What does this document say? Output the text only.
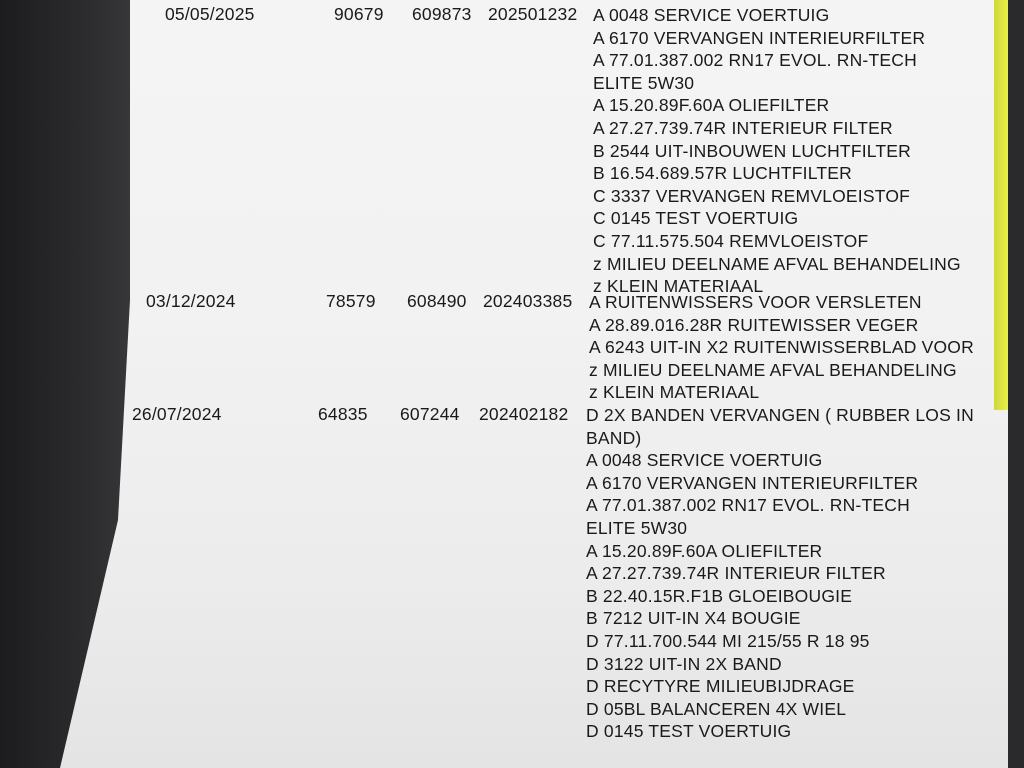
05/05/2025	90679 609873 202501232 A 0048 SERVICE VOERTUIG
A 6170 VERVANGEN INTERIEURFILTER
A 77.01.387.002 RN17 EVOL. RN-TECH
ELITE 5W30
A 15.20.89F.60A OLIEFILTER
A 27.27.739.74R INTERIEUR FILTER
B 2544 UIT-INBOUWEN LUCHTFILTER
B 16.54.689.57R LUCHTFILTER
C 3337 VERVANGEN REMVLOEISTOF
C 0145 TEST VOERTUIG
C 77.11.575.504 REMVLOEISTOF
z MILIEU DEELNAME AFVAL BEHANDELING
z KLEIN MATERIAAL
03/12/2024	78579 608490 202403385 A RUITENWISSERS VOOR VERSLETEN
A 28.89.016.28R RUITEWISSER VEGER
A 6243 UIT-IN X2 RUITENWISSERBLAD VOOR
z MILIEU DEELNAME AFVAL BEHANDELING
z KLEIN MATERIAAL
26/07/2024	64835 607244 202402182 D 2X BANDEN VERVANGEN ( RUBBER LOS IN
BAND)
A 0048 SERVICE VOERTUIG
A 6170 VERVANGEN INTERIEURFILTER
A 77.01.387.002 RN17 EVOL. RN-TECH
ELITE 5W30
A 15.20.89F.60A OLIEFILTER
A 27.27.739.74R INTERIEUR FILTER
B 22.40.15R.F1B GLOEIBOUGIE
B 7212 UIT-IN X4 BOUGIE
D 77.11.700.544 MI 215/55 R 18 95
D 3122 UIT-IN 2X BAND
D RECYTYRE MILIEUBIJDRAGE
D 05BL BALANCEREN 4X WIEL
D 0145 TEST VOERTUIG
